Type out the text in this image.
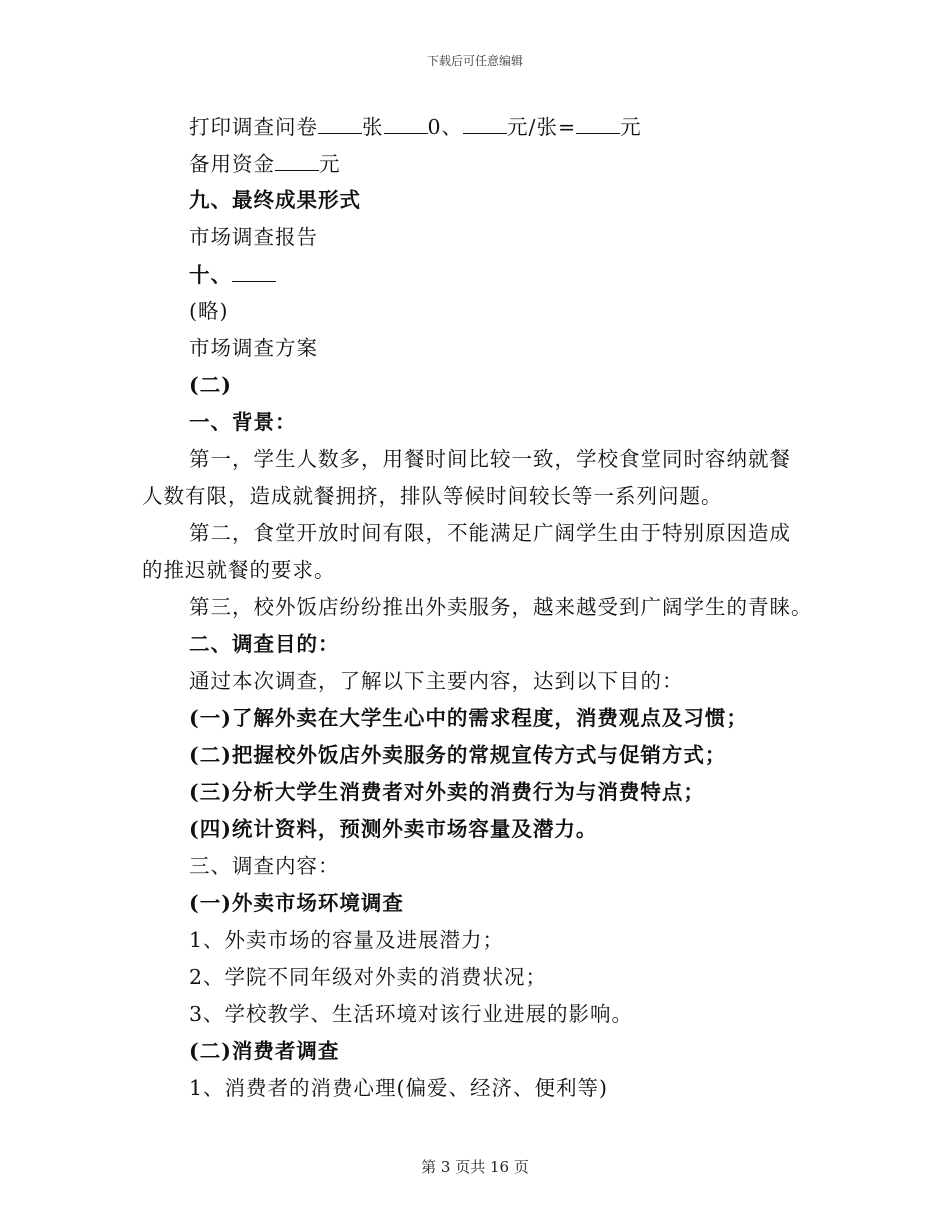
下载后可任意编辑
打印调查问卷 张 0、 元/张= 元
备用资金 元
九、最终成果形式
市场调查报告
十、
(略)
市场调查方案
(二)
一、背景：
第一，学生人数多，用餐时间比较一致，学校食堂同时容纳就餐
人数有限，造成就餐拥挤，排队等候时间较长等一系列问题。
第二，食堂开放时间有限，不能满足广阔学生由于特别原因造成
的推迟就餐的要求。
第三，校外饭店纷纷推出外卖服务，越来越受到广阔学生的青睐。
二、调查目的：
通过本次调查，了解以下主要内容，达到以下目的：
(一)了解外卖在大学生心中的需求程度，消费观点及习惯；
(二)把握校外饭店外卖服务的常规宣传方式与促销方式；
(三)分析大学生消费者对外卖的消费行为与消费特点；
(四)统计资料，预测外卖市场容量及潜力。
三、调查内容：
(一)外卖市场环境调查
1、外卖市场的容量及进展潜力；
2、学院不同年级对外卖的消费状况；
3、学校教学、生活环境对该行业进展的影响。
(二)消费者调查
1、消费者的消费心理(偏爱、经济、便利等)
第 3 页共 16 页
